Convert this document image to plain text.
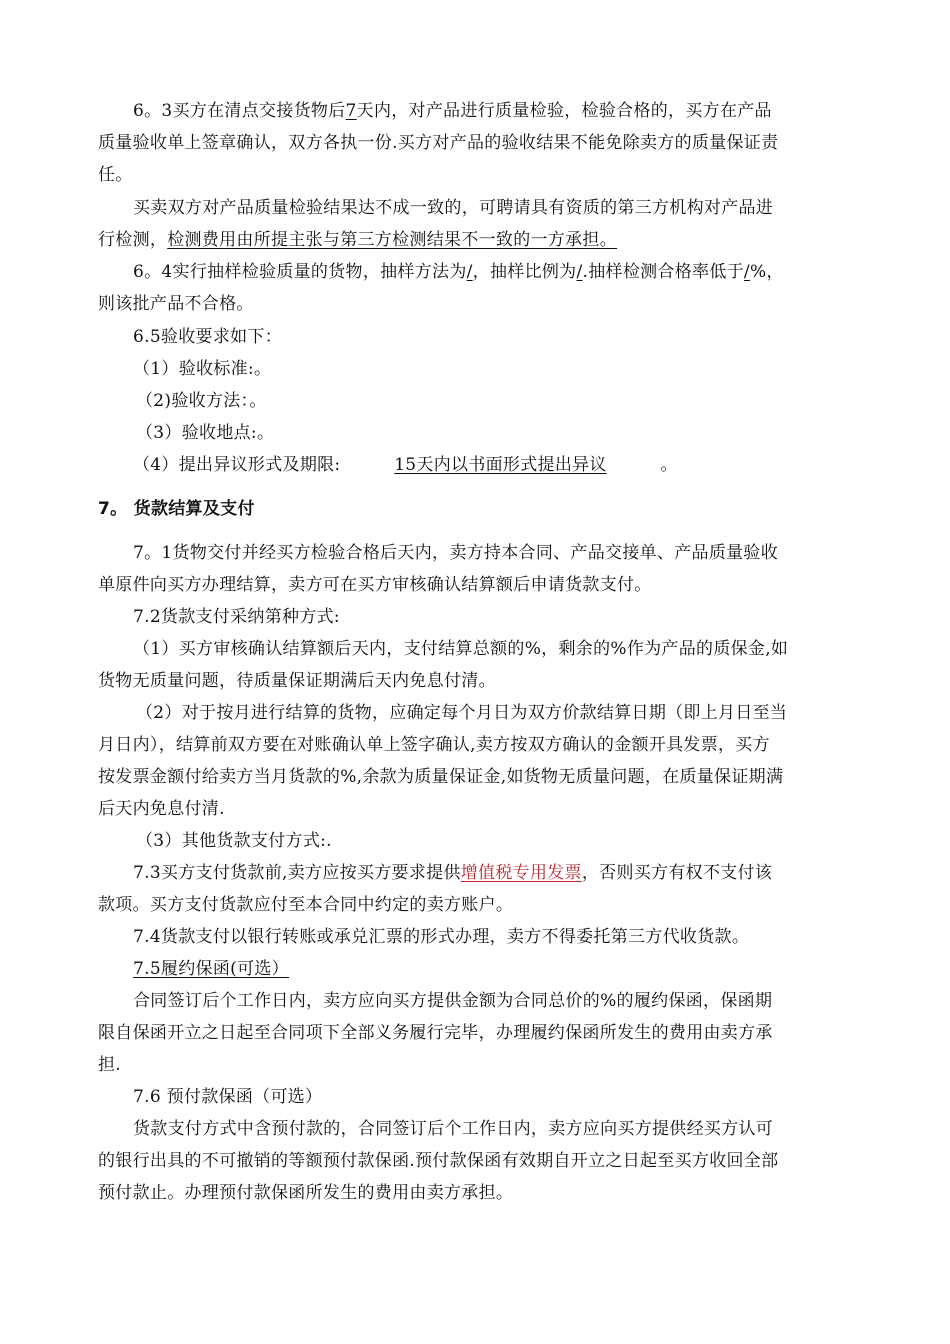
6。3买方在清点交接货物后7天内，对产品进行质量检验，检验合格的，买方在产品

质量验收单上签章确认，双方各执一份.买方对产品的验收结果不能免除卖方的质量保证责

任。

买卖双方对产品质量检验结果达不成一致的，可聘请具有资质的第三方机构对产品进

行检测，检测费用由所提主张与第三方检测结果不一致的一方承担。

6。4实行抽样检验质量的货物，抽样方法为/，抽样比例为/.抽样检测合格率低于/%，

则该批产品不合格。

6.5验收要求如下：

（1）验收标准:。

（2)验收方法：。

（3）验收地点:。

（4）提出异议形式及期限:	15天内以书面形式提出异议	。

7。 货款结算及支付

7。1货物交付并经买方检验合格后天内，卖方持本合同、产品交接单、产品质量验收

单原件向买方办理结算，卖方可在买方审核确认结算额后申请货款支付。

7.2货款支付采纳第种方式:

（1）买方审核确认结算额后天内，支付结算总额的%，剩余的%作为产品的质保金,如

货物无质量问题，待质量保证期满后天内免息付清。

（2）对于按月进行结算的货物，应确定每个月日为双方价款结算日期（即上月日至当

月日内），结算前双方要在对账确认单上签字确认,卖方按双方确认的金额开具发票，买方

按发票金额付给卖方当月货款的%,余款为质量保证金,如货物无质量问题，在质量保证期满

后天内免息付清.

（3）其他货款支付方式:.

7.3买方支付货款前,卖方应按买方要求提供增值税专用发票，否则买方有权不支付该

款项。买方支付货款应付至本合同中约定的卖方账户。

7.4货款支付以银行转账或承兑汇票的形式办理，卖方不得委托第三方代收货款。

7.5履约保函(可选）

合同签订后个工作日内，卖方应向买方提供金额为合同总价的%的履约保函，保函期

限自保函开立之日起至合同项下全部义务履行完毕，办理履约保函所发生的费用由卖方承

担.

7.6 预付款保函（可选）

货款支付方式中含预付款的，合同签订后个工作日内，卖方应向买方提供经买方认可

的银行出具的不可撤销的等额预付款保函.预付款保函有效期自开立之日起至买方收回全部

预付款止。办理预付款保函所发生的费用由卖方承担。
